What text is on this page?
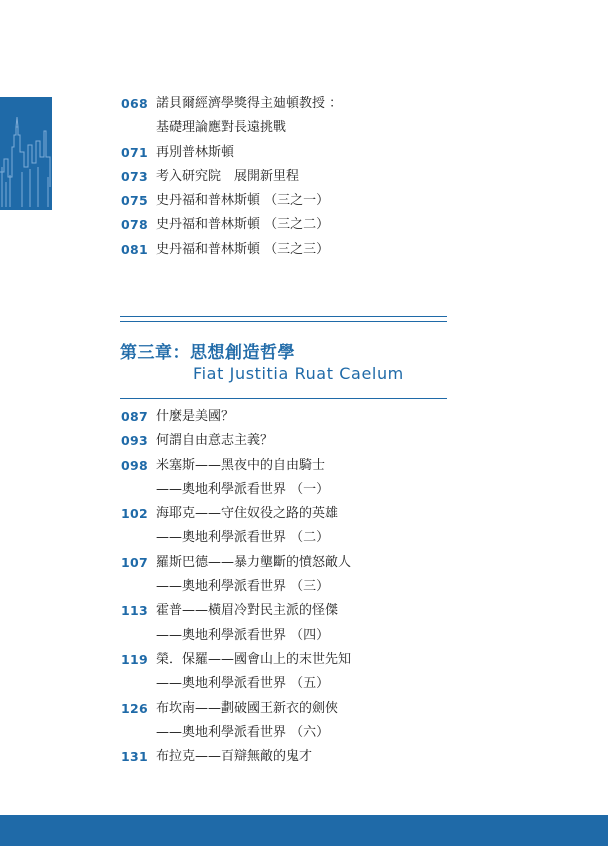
068 諾貝爾經濟學獎得主廸頓教授 ：
基礎理論應對長遠挑戰
071 再別普林斯頓
073 考入研究院　展開新里程
075 史丹福和普林斯頓 （三之一）
078 史丹福和普林斯頓 （三之二）
081 史丹福和普林斯頓 （三之三）
第三章：思想創造哲學
Fiat Justitia Ruat Caelum
087 什麼是美國？
093 何謂自由意志主義？
098 米塞斯——黑夜中的自由騎士
——奧地利學派看世界 （一）
102 海耶克——守住奴役之路的英雄
——奧地利學派看世界 （二）
107 羅斯巴德——暴力壟斷的憤怒敵人
——奧地利學派看世界 （三）
113 霍普——橫眉冷對民主派的怪傑
——奧地利學派看世界 （四）
119 榮．保羅——國會山上的末世先知
——奧地利學派看世界 （五）
126 布坎南——劃破國王新衣的劍俠
——奧地利學派看世界 （六）
131 布拉克——百辯無敵的鬼才
